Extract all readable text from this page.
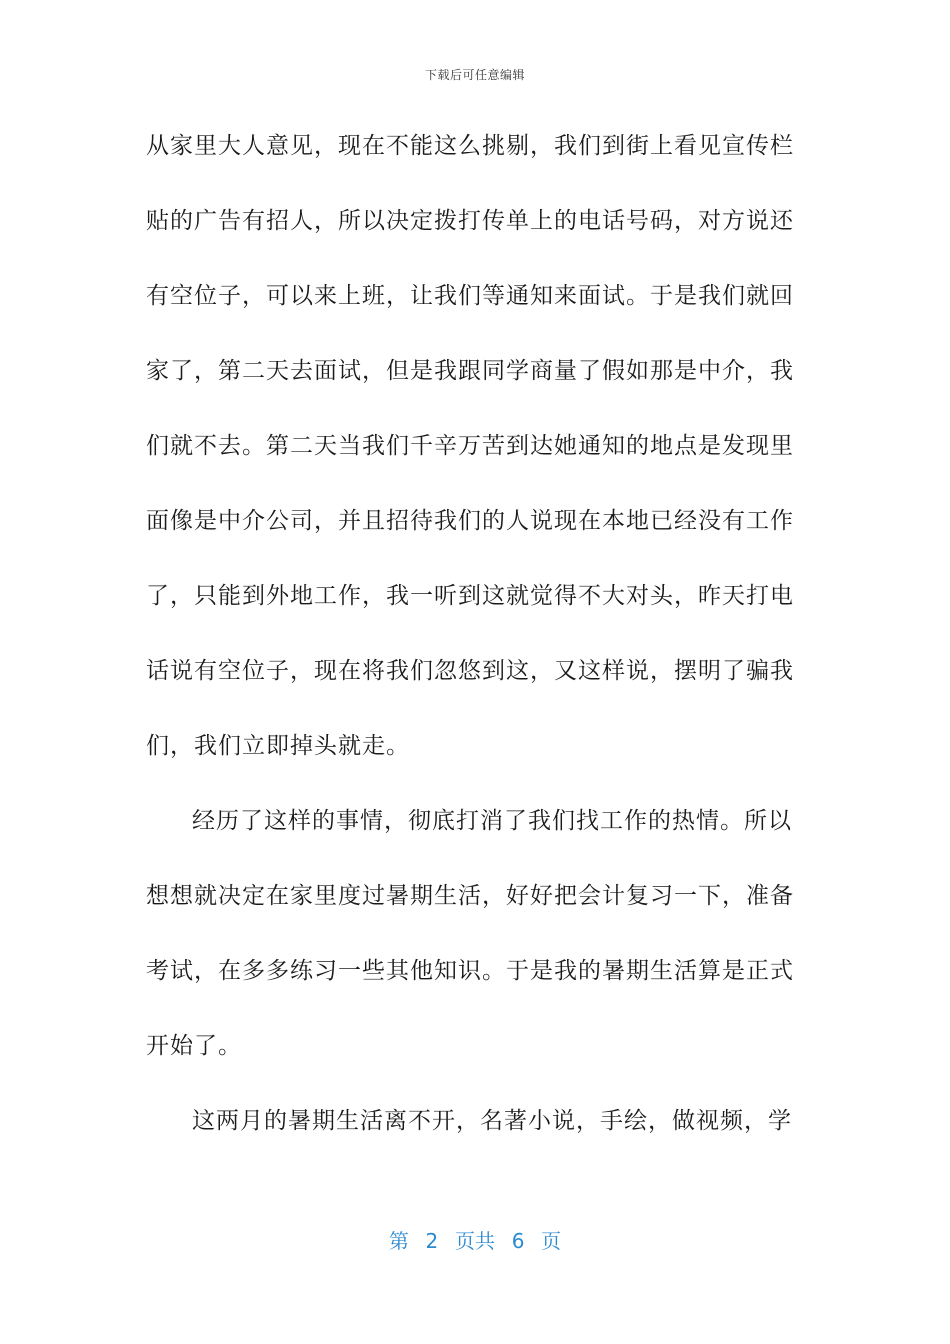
下载后可任意编辑
从家里大人意见，现在不能这么挑剔，我们到街上看见宣传栏
贴的广告有招人，所以决定拨打传单上的电话号码，对方说还
有空位子，可以来上班，让我们等通知来面试。于是我们就回
家了，第二天去面试，但是我跟同学商量了假如那是中介，我
们就不去。第二天当我们千辛万苦到达她通知的地点是发现里
面像是中介公司，并且招待我们的人说现在本地已经没有工作
了，只能到外地工作，我一听到这就觉得不大对头，昨天打电
话说有空位子，现在将我们忽悠到这，又这样说，摆明了骗我
们，我们立即掉头就走。
经历了这样的事情，彻底打消了我们找工作的热情。所以
想想就决定在家里度过暑期生活，好好把会计复习一下，准备
考试，在多多练习一些其他知识。于是我的暑期生活算是正式
开始了。
这两月的暑期生活离不开，名著小说，手绘，做视频，学
第  2  页共  6  页
